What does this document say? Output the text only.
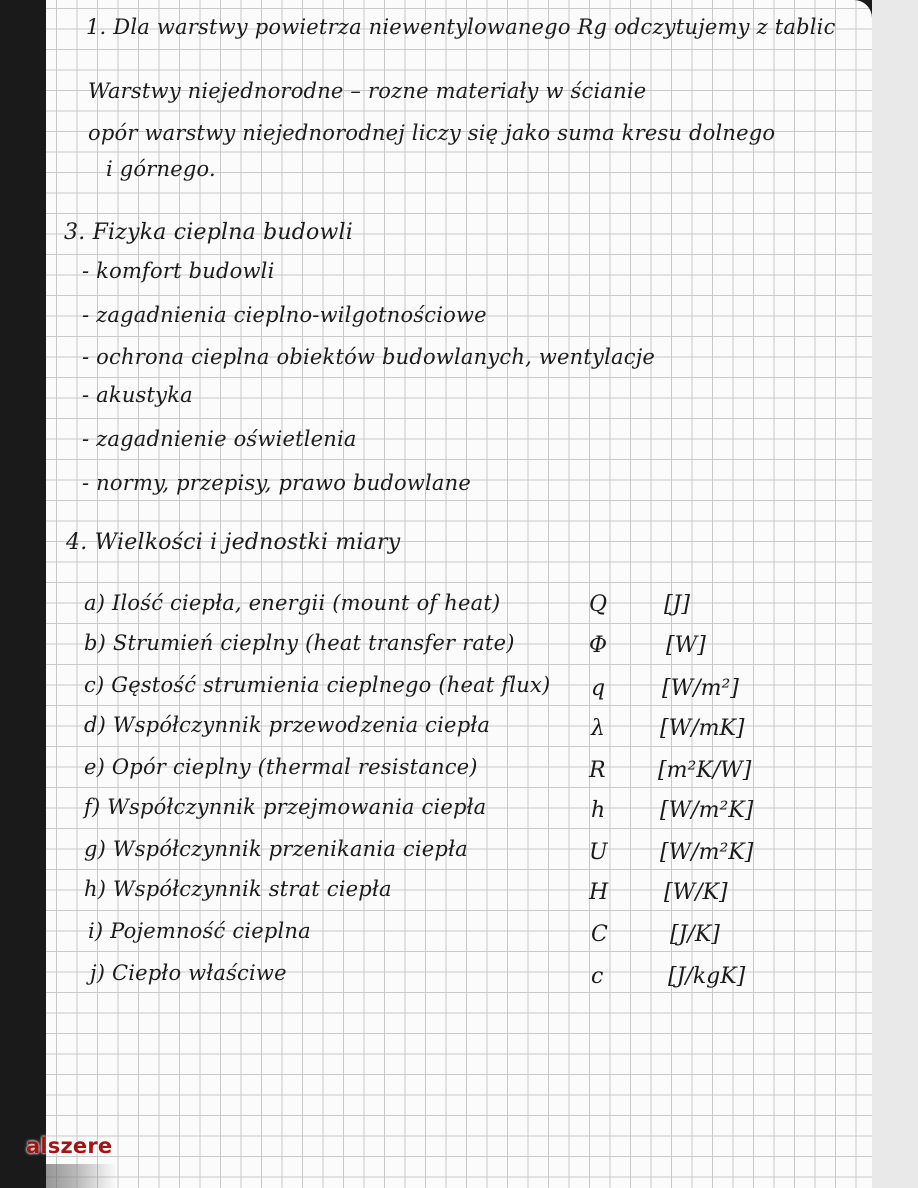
1. Dla warstwy powietrza niewentylowanego Rg odczytujemy z tablic

Warstwy niejednorodne – rozne materiały w ścianie

opór warstwy niejednorodnej liczy się jako suma kresu dolnego

i górnego.

3. Fizyka cieplna budowli

- komfort budowli

- zagadnienia cieplno-wilgotnościowe

- ochrona cieplna obiektów budowlanych, wentylacje

- akustyka

- zagadnienie oświetlenia

- normy, przepisy, prawo budowlane

4. Wielkości i jednostki miary

a) Ilość ciepła, energii (mount of heat)	Q	[J]

b) Strumień cieplny (heat transfer rate)	Φ	[W]

c) Gęstość strumienia cieplnego (heat flux) q	[W/m²]

d) Współczynnik przewodzenia ciepła	λ	[W/mK]

e) Opór cieplny (thermal resistance)	R [m²K/W]

f) Współczynnik przejmowania ciepła	h [W/m²K]

g) Współczynnik przenikania ciepła	U [W/m²K]

h) Współczynnik strat ciepła	H	[W/K]

i) Pojemność cieplna	C	[J/K]

j) Ciepło właściwe	c	[J/kgK]
alszere
